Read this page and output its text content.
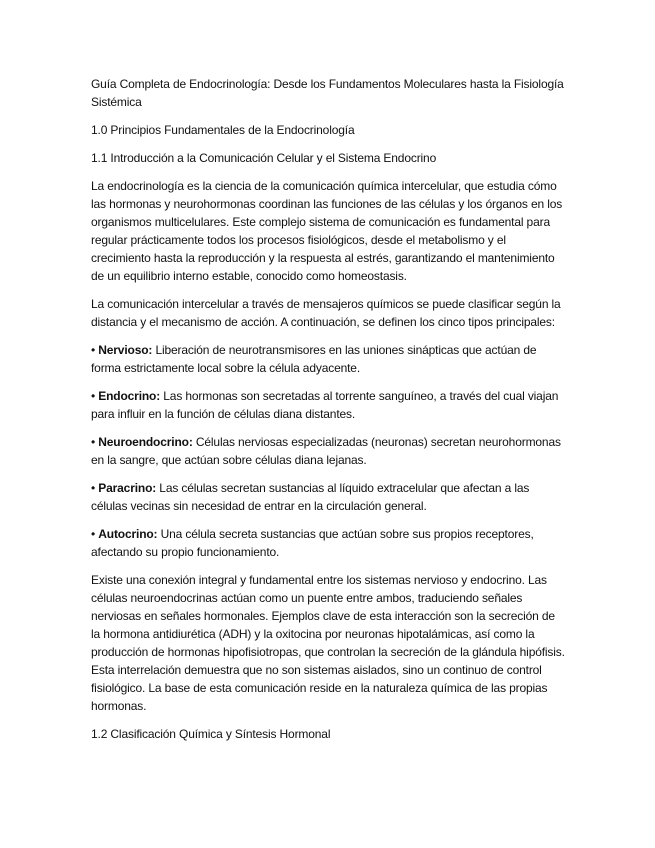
Guía Completa de Endocrinología: Desde los Fundamentos Moleculares hasta la Fisiología Sistémica

1.0 Principios Fundamentales de la Endocrinología

1.1 Introducción a la Comunicación Celular y el Sistema Endocrino

La endocrinología es la ciencia de la comunicación química intercelular, que estudia cómo las hormonas y neurohormonas coordinan las funciones de las células y los órganos en los organismos multicelulares. Este complejo sistema de comunicación es fundamental para regular prácticamente todos los procesos fisiológicos, desde el metabolismo y el crecimiento hasta la reproducción y la respuesta al estrés, garantizando el mantenimiento de un equilibrio interno estable, conocido como homeostasis.

La comunicación intercelular a través de mensajeros químicos se puede clasificar según la distancia y el mecanismo de acción. A continuación, se definen los cinco tipos principales:

• Nervioso: Liberación de neurotransmisores en las uniones sinápticas que actúan de forma estrictamente local sobre la célula adyacente.

• Endocrino: Las hormonas son secretadas al torrente sanguíneo, a través del cual viajan para influir en la función de células diana distantes.

• Neuroendocrino: Células nerviosas especializadas (neuronas) secretan neurohormonas en la sangre, que actúan sobre células diana lejanas.

• Paracrino: Las células secretan sustancias al líquido extracelular que afectan a las células vecinas sin necesidad de entrar en la circulación general.

• Autocrino: Una célula secreta sustancias que actúan sobre sus propios receptores, afectando su propio funcionamiento.

Existe una conexión integral y fundamental entre los sistemas nervioso y endocrino. Las células neuroendocrinas actúan como un puente entre ambos, traduciendo señales nerviosas en señales hormonales. Ejemplos clave de esta interacción son la secreción de la hormona antidiurética (ADH) y la oxitocina por neuronas hipotalámicas, así como la producción de hormonas hipofisiotropas, que controlan la secreción de la glándula hipófisis. Esta interrelación demuestra que no son sistemas aislados, sino un continuo de control fisiológico. La base de esta comunicación reside en la naturaleza química de las propias hormonas.

1.2 Clasificación Química y Síntesis Hormonal
